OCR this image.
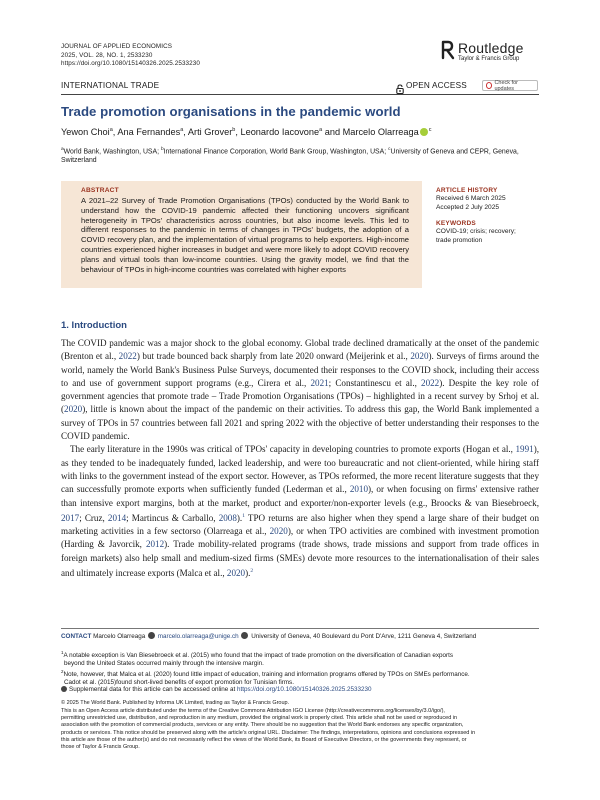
JOURNAL OF APPLIED ECONOMICS
2025, VOL. 28, NO. 1, 2533230
https://doi.org/10.1080/15140326.2025.2533230
Routledge
Taylor & Francis Group
INTERNATIONAL TRADE	OPEN ACCESS	Check for updates
Trade promotion organisations in the pandemic world
Yewon Choi$^a$, Ana Fernandes$^a$, Arti Grover$^b$, Leonardo Iacovone$^a$ and Marcelo Olarreaga $^c$
$^a$World Bank, Washington, USA; $^b$International Finance Corporation, World Bank Group, Washington, USA; $^c$University of Geneva and CEPR, Geneva, Switzerland
ABSTRACT
A 2021–22 Survey of Trade Promotion Organisations (TPOs) conducted by the World Bank to understand how the COVID-19 pandemic affected their functioning uncovers significant heterogeneity in TPOs' characteristics across countries, but also income levels. This led to different responses to the pandemic in terms of changes in TPOs' budgets, the adoption of a COVID recovery plan, and the implementation of virtual programs to help exporters. High-income countries experienced higher increases in budget and were more likely to adopt COVID recovery plans and virtual tools than low-income countries. Using the gravity model, we find that the behaviour of TPOs in high-income countries was correlated with higher exports
ARTICLE HISTORY
Received 6 March 2025
Accepted 2 July 2025
KEYWORDS
COVID-19; crisis; recovery;
trade promotion
1. Introduction

The COVID pandemic was a major shock to the global economy. Global trade declined dramatically at the onset of the pandemic (Brenton et al., 2022) but trade bounced back sharply from late 2020 onward (Meijerink et al., 2020). Surveys of firms around the world, namely the World Bank's Business Pulse Surveys, documented their responses to the COVID shock, including their access to and use of government support programs (e.g., Cirera et al., 2021; Constantinescu et al., 2022). Despite the key role of government agencies that promote trade – Trade Promotion Organisations (TPOs) – highlighted in a recent survey by Srhoj et al. (2020), little is known about the impact of the pandemic on their activities. To address this gap, the World Bank implemented a survey of TPOs in 57 countries between fall 2021 and spring 2022 with the objective of better understanding their responses to the COVID pandemic.

The early literature in the 1990s was critical of TPOs' capacity in developing countries to promote exports (Hogan et al., 1991), as they tended to be inadequately funded, lacked leadership, and were too bureaucratic and not client-oriented, while hiring staff with links to the government instead of the export sector. However, as TPOs reformed, the more recent literature suggests that they can successfully promote exports when sufficiently funded (Lederman et al., 2010), or when focusing on firms' extensive rather than intensive export margins, both at the market, product and exporter/non-exporter levels (e.g., Broocks & van Biesebroeck, 2017; Cruz, 2014; Martincus & Carballo, 2008).$^1$ TPO returns are also higher when they spend a large share of their budget on marketing activities in a few sectorso (Olarreaga et al., 2020), or when TPO activities are combined with investment promotion (Harding & Javorcik, 2012). Trade mobility-related programs (trade shows, trade missions and support from trade offices in foreign markets) also help small and medium-sized firms (SMEs) devote more resources to the internationalisation of their sales and ultimately increase exports (Malca et al., 2020).$^2$

CONTACT Marcelo Olarreaga marcelo.olarreaga@unige.ch University of Geneva, 40 Boulevard du Pont D'Arve, 1211 Geneva 4, Switzerland
$^1$A notable exception is Van Biesebroeck et al. (2015) who found that the impact of trade promotion on the diversification of Canadian exports
beyond the United States occurred mainly through the intensive margin.
$^2$Note, however, that Malca et al. (2020) found little impact of education, training and information programs offered by TPOs on SMEs performance.
Cadot et al. (2015)found short-lived benefits of export promotion for Tunisian firms.
Supplemental data for this article can be accessed online at https://doi.org/10.1080/15140326.2025.2533230
© 2025 The World Bank. Published by Informa UK Limited, trading as Taylor & Francis Group.
This is an Open Access article distributed under the terms of the Creative Commons Attribution IGO License (http://creativecommons.org/licenses/by/3.0/igo/),
permitting unrestricted use, distribution, and reproduction in any medium, provided the original work is properly cited. This article shall not be used or reproduced in
association with the promotion of commercial products, services or any entity. There should be no suggestion that the World Bank endorses any specific organization,
products or services. This notice should be preserved along with the article's original URL. Disclaimer: The findings, interpretations, opinions and conclusions expressed in
this article are those of the author(s) and do not necessarily reflect the views of the World Bank, its Board of Executive Directors, or the governments they represent, or
those of Taylor & Francis Group.
